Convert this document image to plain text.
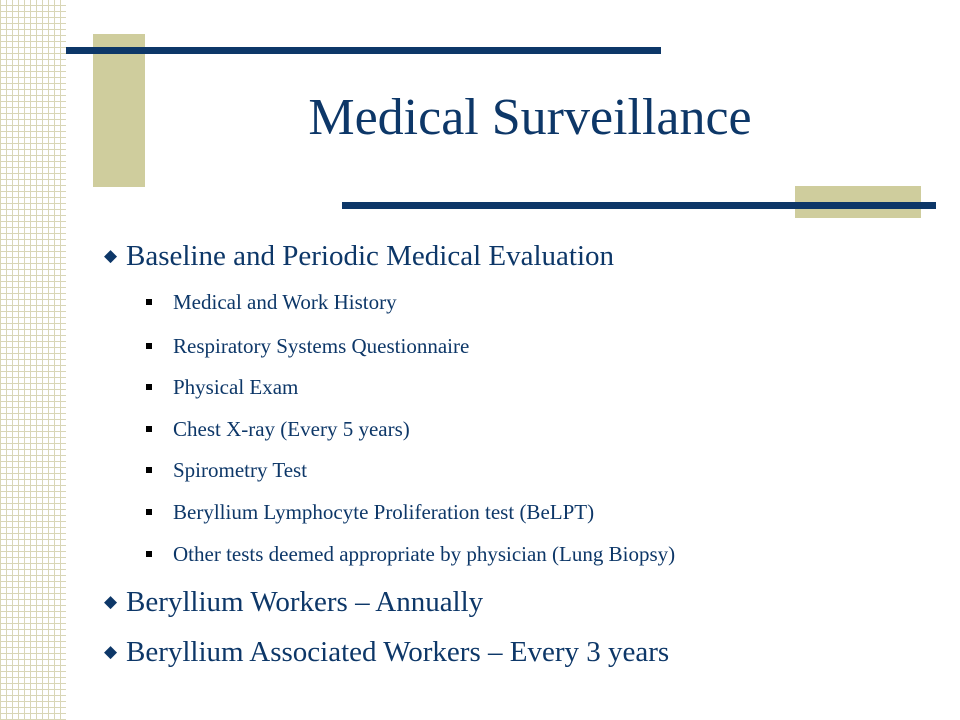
Medical Surveillance
◆ Baseline and Periodic Medical Evaluation
Medical and Work History
Respiratory Systems Questionnaire
Physical Exam
Chest X-ray (Every 5 years)
Spirometry Test
Beryllium Lymphocyte Proliferation test (BeLPT)
Other tests deemed appropriate by physician (Lung Biopsy)
◆ Beryllium Workers – Annually
◆ Beryllium Associated Workers – Every 3 years
